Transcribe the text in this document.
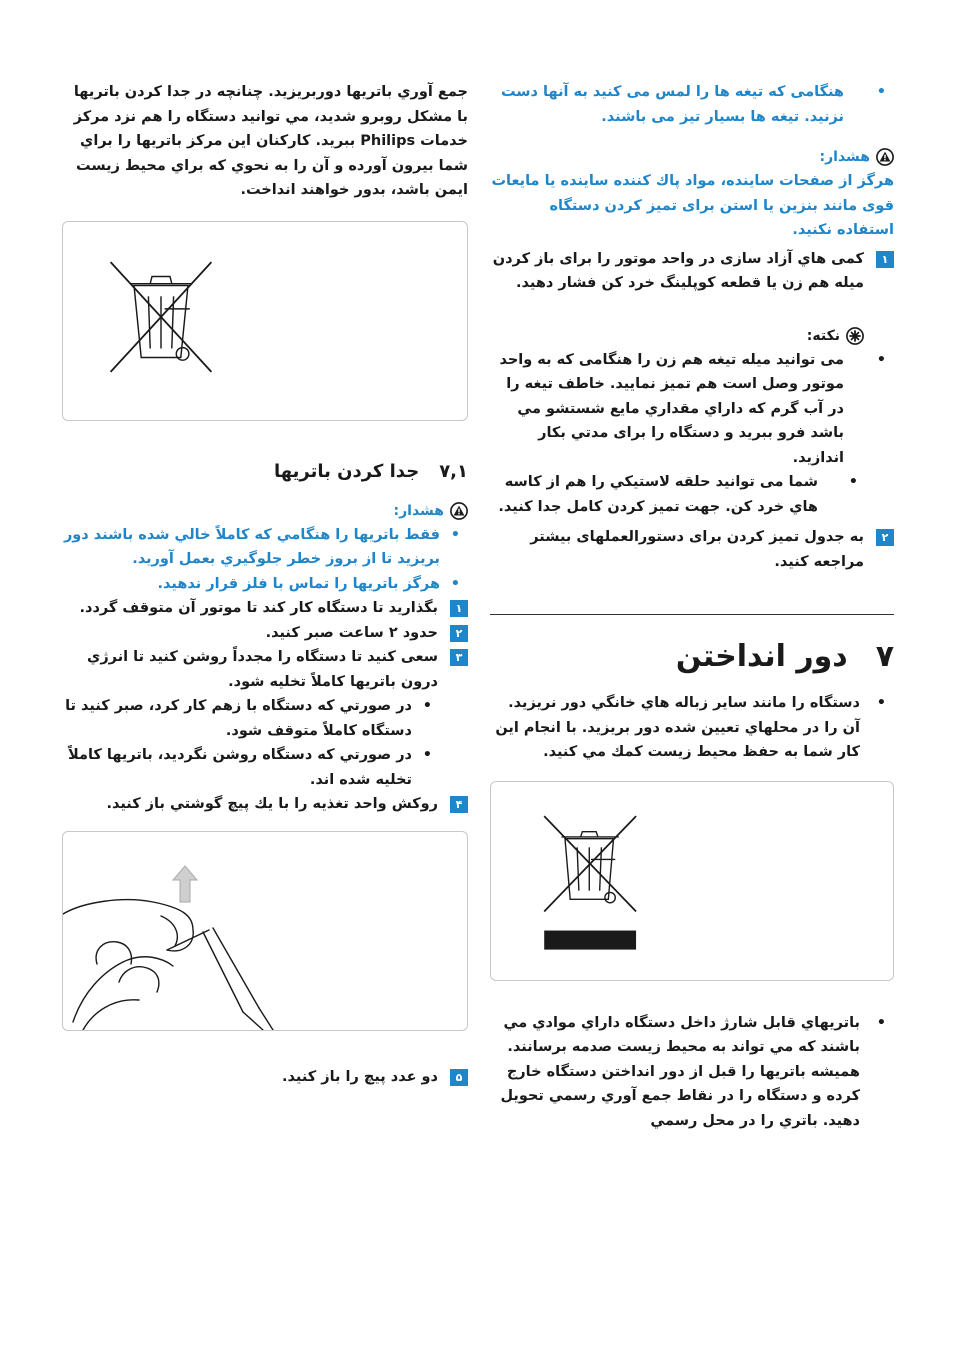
• هنگامی که تیغه ها را لمس می کنید به آنها دست نزنید. تیغه ها بسیار تیز می باشند.

هشدار:

هرگز از صفحات ساینده، مواد پاك كننده ساینده یا مایعات قوی مانند بنزین یا استن برای تمیز كردن دستگاه استفاده نكنید.

۱
كمی هاي آزاد سازی در واحد موتور را برای باز كردن میله هم زن یا قطعه كوپلینگ خرد كن فشار دهید.

نكته:

• می توانید میله تیغه هم زن را هنگامی كه به واحد موتور وصل است هم تمیز نمایید. خاطف تیغه را در آب گرم كه داراي مقداري مايع شستشو مي باشد فرو ببرید و دستگاه را برای مدتي بكار اندازيد.

• شما می توانید حلقه لاستیكي را هم از كاسه هاي خرد كن. جهت تمیز كردن كامل جدا كنید.

۲
به جدول تمیز كردن برای دستورالعملهای بیشتر مراجعه كنید.

۷
دور انداختن

• دستگاه را مانند سایر زباله هاي خانگي دور نريزيد. آن را در محلهاي تعيين شده دور بريزيد. با انجام اين كار شما به حفظ محيط زيست كمك مي كنيد.

• باتريهاي قابل شارژ داخل دستگاه داراي موادي مي باشند كه مي تواند به محيط زيست صدمه برسانند. هميشه باتريها را قبل از دور انداختن دستگاه خارج كرده و دستگاه را در نقاط جمع آوري رسمي تحويل دهيد. باتري را در محل رسمي

جمع آوري باتريها دوربريزيد. چنانچه در جدا كردن باتريها با مشكل روبرو شديد، مي توانيد دستگاه را هم نزد مركز خدمات Philips ببريد. كاركنان اين مركز باتريها را براي شما بيرون آورده و آن را به نحوي كه براي محيط زيست ايمن باشد، بدور خواهند انداخت.

۷,۱
جدا كردن باتريها
هشدار:

• فقط باتريها را هنگامي كه كاملاً خالي شده باشند دور بريزيد تا از بروز خطر جلوگيري بعمل آوريد.

• هرگز باتريها را تماس با فلز قرار ندهيد.

۱
بگذاريد تا دستگاه كار كند تا موتور آن متوقف گردد.

۲
حدود ۲ ساعت صبر كنيد.

۳
سعی كنيد تا دستگاه را مجدداً روشن كنيد تا انرژي درون باتريها كاملاً تخليه شود.

• در صورتي كه دستگاه با زهم كار كرد، صبر كنيد تا دستگاه كاملاً متوقف شود.

• در صورتي كه دستگاه روشن نگرديد، باتريها كاملاً تخليه شده اند.

۴
روكش واحد تغذيه را با يك پيچ گوشتي باز كنيد.

۵
دو عدد پيچ را باز كنيد.
